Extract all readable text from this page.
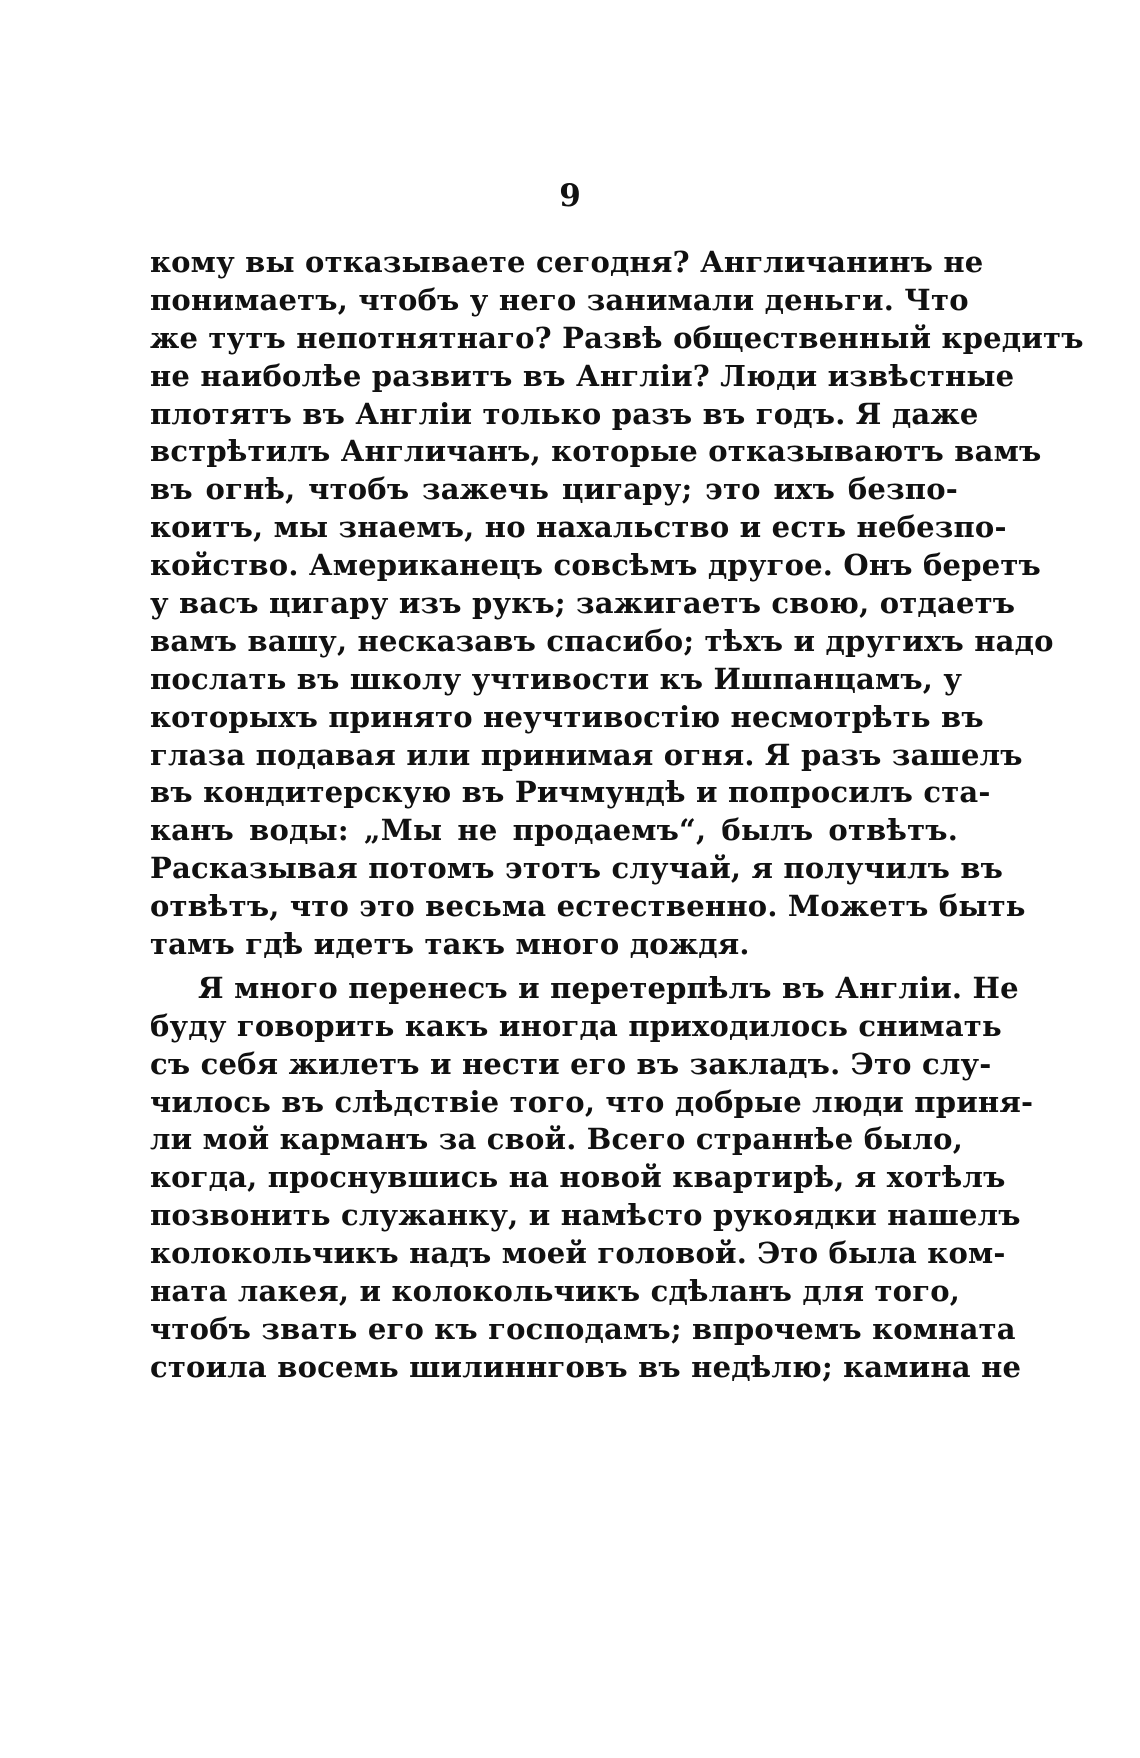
9
кому вы отказываете сегодня? Англичанинъ не
понимаетъ, чтобъ у него занимали деньги. Что
же тутъ непотнятнаго? Развѣ общественный кредитъ
не наиболѣе развитъ въ Англіи? Люди извѣстные
плотятъ въ Англіи только разъ въ годъ. Я даже
встрѣтилъ Англичанъ, которые отказываютъ вамъ
въ огнѣ, чтобъ зажечь цигару; это ихъ безпо-
коитъ, мы знаемъ, но нахальство и есть небезпо-
койство. Американецъ совсѣмъ другое. Онъ беретъ
у васъ цигару изъ рукъ; зажигаетъ свою, отдаетъ
вамъ вашу, несказавъ спасибо; тѣхъ и другихъ надо
послать въ школу учтивости къ Ишпанцамъ, у
которыхъ принято неучтивостію несмотрѣть въ
глаза подавая или принимая огня. Я разъ зашелъ
въ кондитерскую въ Ричмундѣ и попросилъ ста-
канъ воды: „Мы не продаемъ“, былъ отвѣтъ.
Расказывая потомъ этотъ случай, я получилъ въ
отвѣтъ, что это весьма естественно. Можетъ быть
тамъ гдѣ идетъ такъ много дождя.
Я много перенесъ и перетерпѣлъ въ Англіи. Не
буду говорить какъ иногда приходилось снимать
съ себя жилетъ и нести его въ закладъ. Это слу-
чилось въ слѣдствіе того, что добрые люди приня-
ли мой карманъ за свой. Всего страннѣе было,
когда, проснувшись на новой квартирѣ, я хотѣлъ
позвонить служанку, и намѣсто рукоядки нашелъ
колокольчикъ надъ моей головой. Это была ком-
ната лакея, и колокольчикъ сдѣланъ для того,
чтобъ звать его къ господамъ; впрочемъ комната
стоила восемь шилиннговъ въ недѣлю; камина не
